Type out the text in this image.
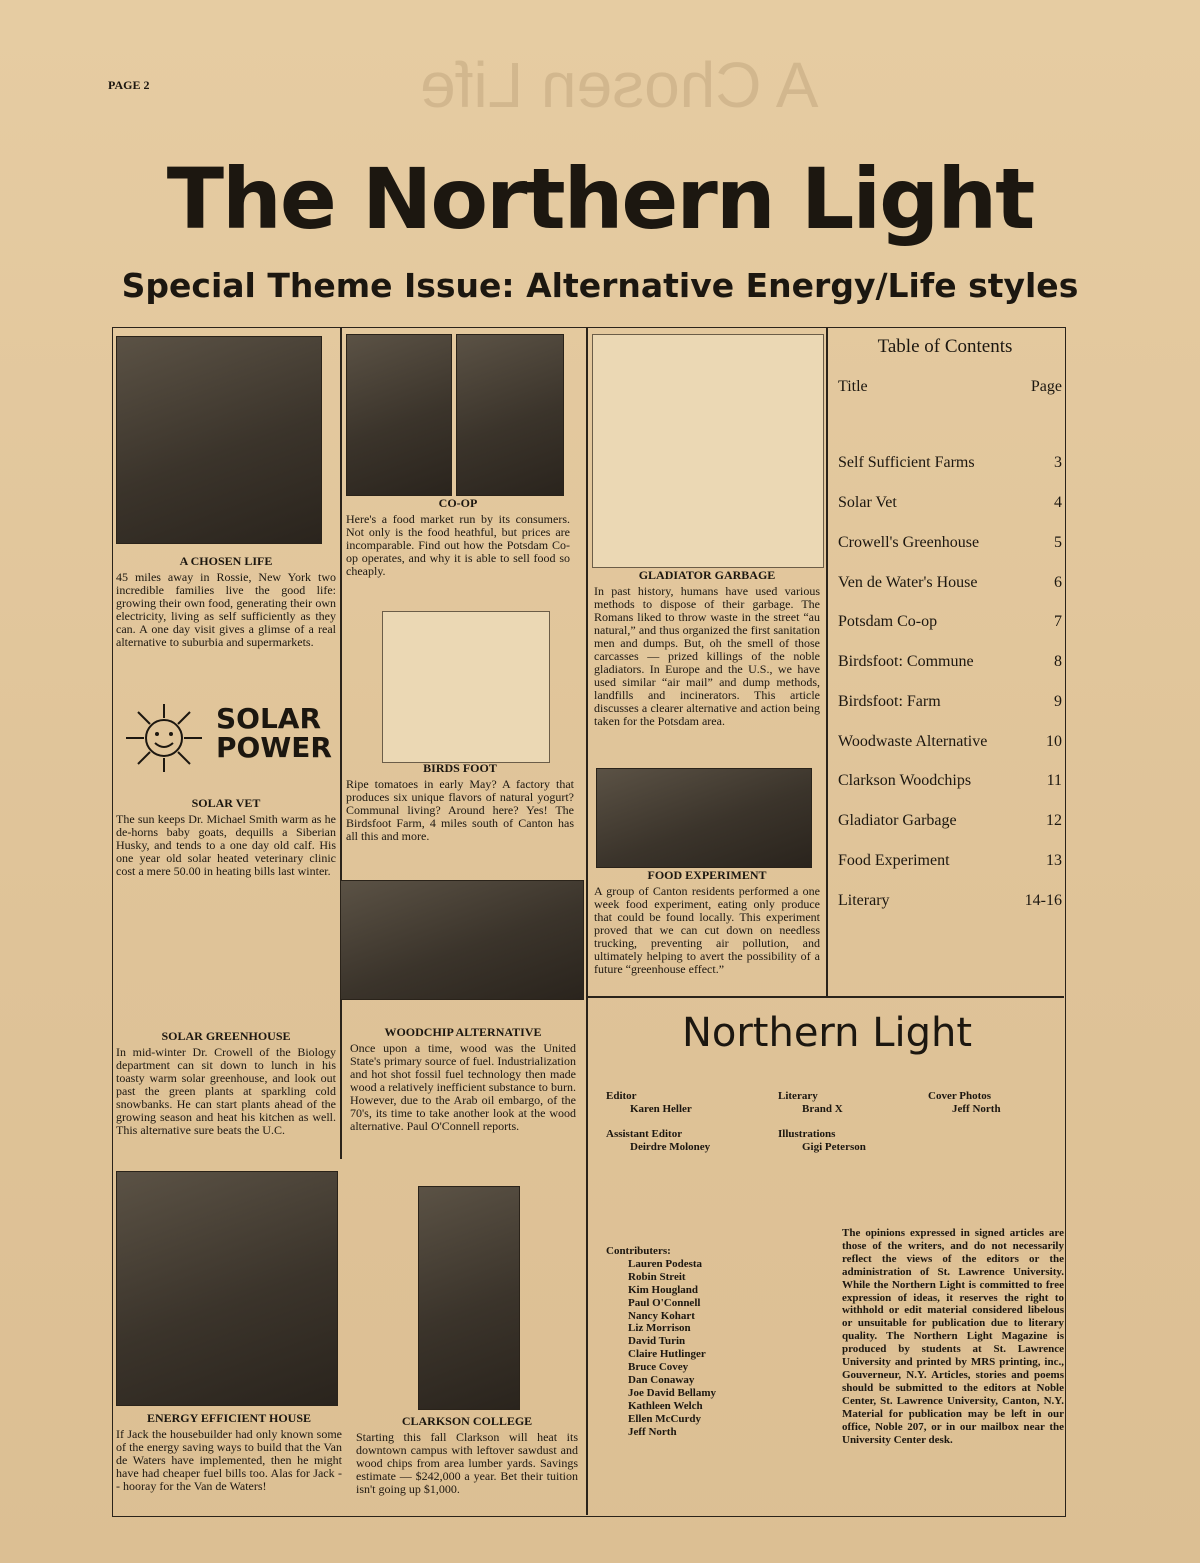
PAGE 2	A Chosen Life
The Northern Light
Special Theme Issue: Alternative Energy/Life styles

A CHOSEN LIFE

45 miles away in Rossie, New York two incredible families live the good life: growing their own food, generating their own electricity, living as self sufficiently as they can. A one day visit gives a glimse of a real alternative to suburbia and supermarkets.

SOLAR
POWER

SOLAR VET

The sun keeps Dr. Michael Smith warm as he de-horns baby goats, dequills a Siberian Husky, and tends to a one day old calf. His one year old solar heated veterinary clinic cost a mere 50.00 in heating bills last winter.

SOLAR GREENHOUSE

In mid-winter Dr. Crowell of the Biology department can sit down to lunch in his toasty warm solar greenhouse, and look out past the green plants at sparkling cold snowbanks. He can start plants ahead of the growing season and heat his kitchen as well. This alternative sure beats the U.C.

ENERGY EFFICIENT HOUSE

If Jack the housebuilder had only known some of the energy saving ways to build that the Van de Waters have implemented, then he might have had cheaper fuel bills too. Alas for Jack -- hooray for the Van de Waters!

CO-OP

Here's a food market run by its consumers. Not only is the food heathful, but prices are incomparable. Find out how the Potsdam Co-op operates, and why it is able to sell food so cheaply.

BIRDS FOOT

Ripe tomatoes in early May? A factory that produces six unique flavors of natural yogurt? Communal living? Around here? Yes! The Birdsfoot Farm, 4 miles south of Canton has all this and more.

WOODCHIP ALTERNATIVE

Once upon a time, wood was the United State's primary source of fuel. Industrialization and hot shot fossil fuel technology then made wood a relatively inefficient substance to burn. However, due to the Arab oil embargo, of the 70's, its time to take another look at the wood alternative. Paul O'Connell reports.

CLARKSON COLLEGE

Starting this fall Clarkson will heat its downtown campus with leftover sawdust and wood chips from area lumber yards. Savings estimate — $242,000 a year. Bet their tuition isn't going up $1,000.

GLADIATOR GARBAGE

In past history, humans have used various methods to dispose of their garbage. The Romans liked to throw waste in the street “au natural,” and thus organized the first sanitation men and dumps. But, oh the smell of those carcasses — prized killings of the noble gladiators. In Europe and the U.S., we have used similar “air mail” and dump methods, landfills and incinerators. This article discusses a clearer alternative and action being taken for the Potsdam area.

FOOD EXPERIMENT

A group of Canton residents performed a one week food experiment, eating only produce that could be found locally. This experiment proved that we can cut down on needless trucking, preventing air pollution, and ultimately helping to avert the possibility of a future “greenhouse effect.”

Table of Contents
Title	Page
Self Sufficient Farms	3
Solar Vet	4
Crowell's Greenhouse	5
Ven de Water's House	6
Potsdam Co-op	7
Birdsfoot: Commune	8
Birdsfoot: Farm	9
Woodwaste Alternative	10
Clarkson Woodchips	11
Gladiator Garbage	12
Food Experiment	13
Literary	14-16
Northern Light
Editor
Karen Heller
Literary
Brand X
Cover Photos
Jeff North
Assistant Editor
Deirdre Moloney
Illustrations
Gigi Peterson
Contributers:
Lauren Podesta
Robin Streit
Kim Hougland
Paul O'Connell
Nancy Kohart
Liz Morrison
David Turin
Claire Hutlinger
Bruce Covey
Dan Conaway
Joe David Bellamy
Kathleen Welch
Ellen McCurdy
Jeff North
The opinions expressed in signed articles are those of the writers, and do not necessarily reflect the views of the editors or the administration of St. Lawrence University. While the Northern Light is committed to free expression of ideas, it reserves the right to withhold or edit material considered libelous or unsuitable for publication due to literary quality. The Northern Light Magazine is produced by students at St. Lawrence University and printed by MRS printing, inc., Gouverneur, N.Y. Articles, stories and poems should be submitted to the editors at Noble Center, St. Lawrence University, Canton, N.Y. Material for publication may be left in our office, Noble 207, or in our mailbox near the University Center desk.
